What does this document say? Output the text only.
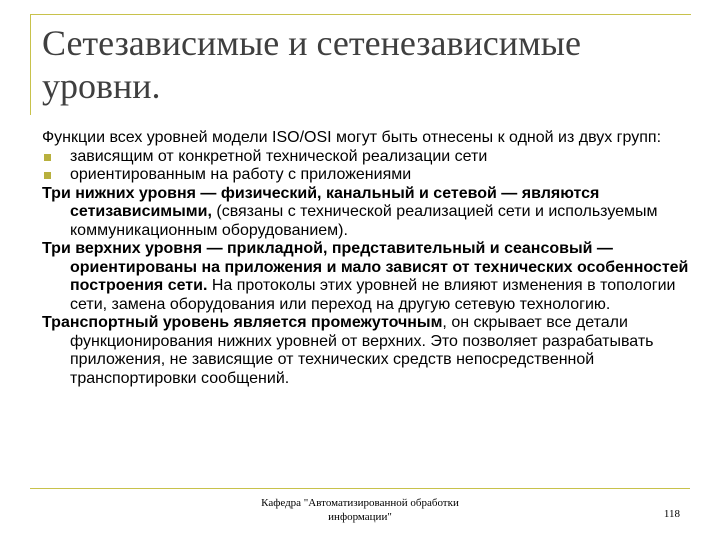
Сетезависимые и сетенезависимые уровни.

Функции всех уровней модели ISO/OSI могут быть отнесены к одной из двух групп:

зависящим от конкретной технической реализации сети

ориентированным на работу с приложениями

Три нижних уровня — физический, канальный и сетевой — являются сетизависимыми, (связаны с технической реализацией сети и используемым коммуникационным оборудованием).

Три верхних уровня — прикладной, представительный и сеансовый — ориентированы на приложения и мало зависят от технических особенностей построения сети. На протоколы этих уровней не влияют изменения в топологии сети, замена оборудования или переход на другую сетевую технологию.

Транспортный уровень является промежуточным, он скрывает все детали функционирования нижних уровней от верхних. Это позволяет разрабатывать приложения, не зависящие от технических средств непосредственной транспортировки сообщений.

Кафедра "Автоматизированной обработки информации"	118
